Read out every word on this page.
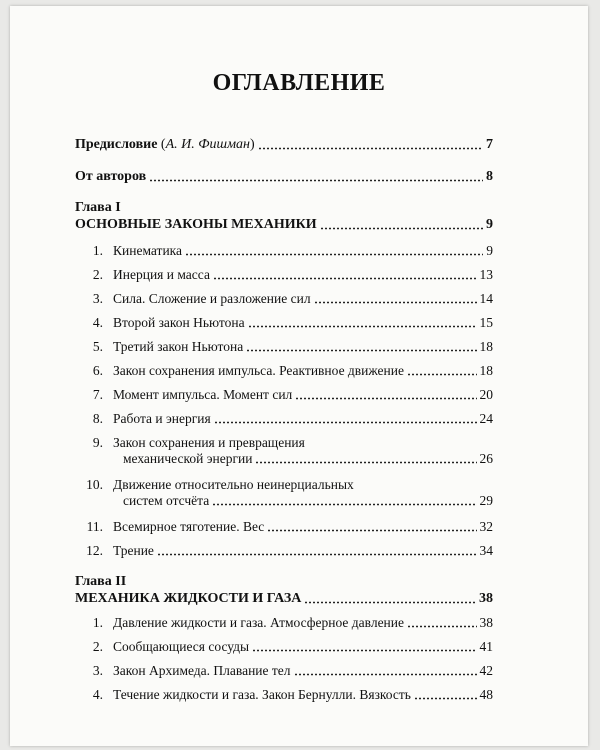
ОГЛАВЛЕНИЕ
Предисловие (А. И. Фишман)	7
От авторов	8
Глава I
ОСНОВНЫЕ ЗАКОНЫ МЕХАНИКИ	9
1. Кинематика	9
2. Инерция и масса	13
3. Сила. Сложение и разложение сил	14
4. Второй закон Ньютона	15
5. Третий закон Ньютона	18
6. Закон сохранения импульса. Реактивное движение	18
7. Момент импульса. Момент сил	20
8. Работа и энергия	24
9. Закон сохранения и превращения
механической энергии	26
10. Движение относительно неинерциальных
систем отсчёта	29
11. Всемирное тяготение. Вес	32
12. Трение	34
Глава II
МЕХАНИКА ЖИДКОСТИ И ГАЗА	38
1. Давление жидкости и газа. Атмосферное давление	38
2. Сообщающиеся сосуды	41
3. Закон Архимеда. Плавание тел	42
4. Течение жидкости и газа. Закон Бернулли. Вязкость	48
